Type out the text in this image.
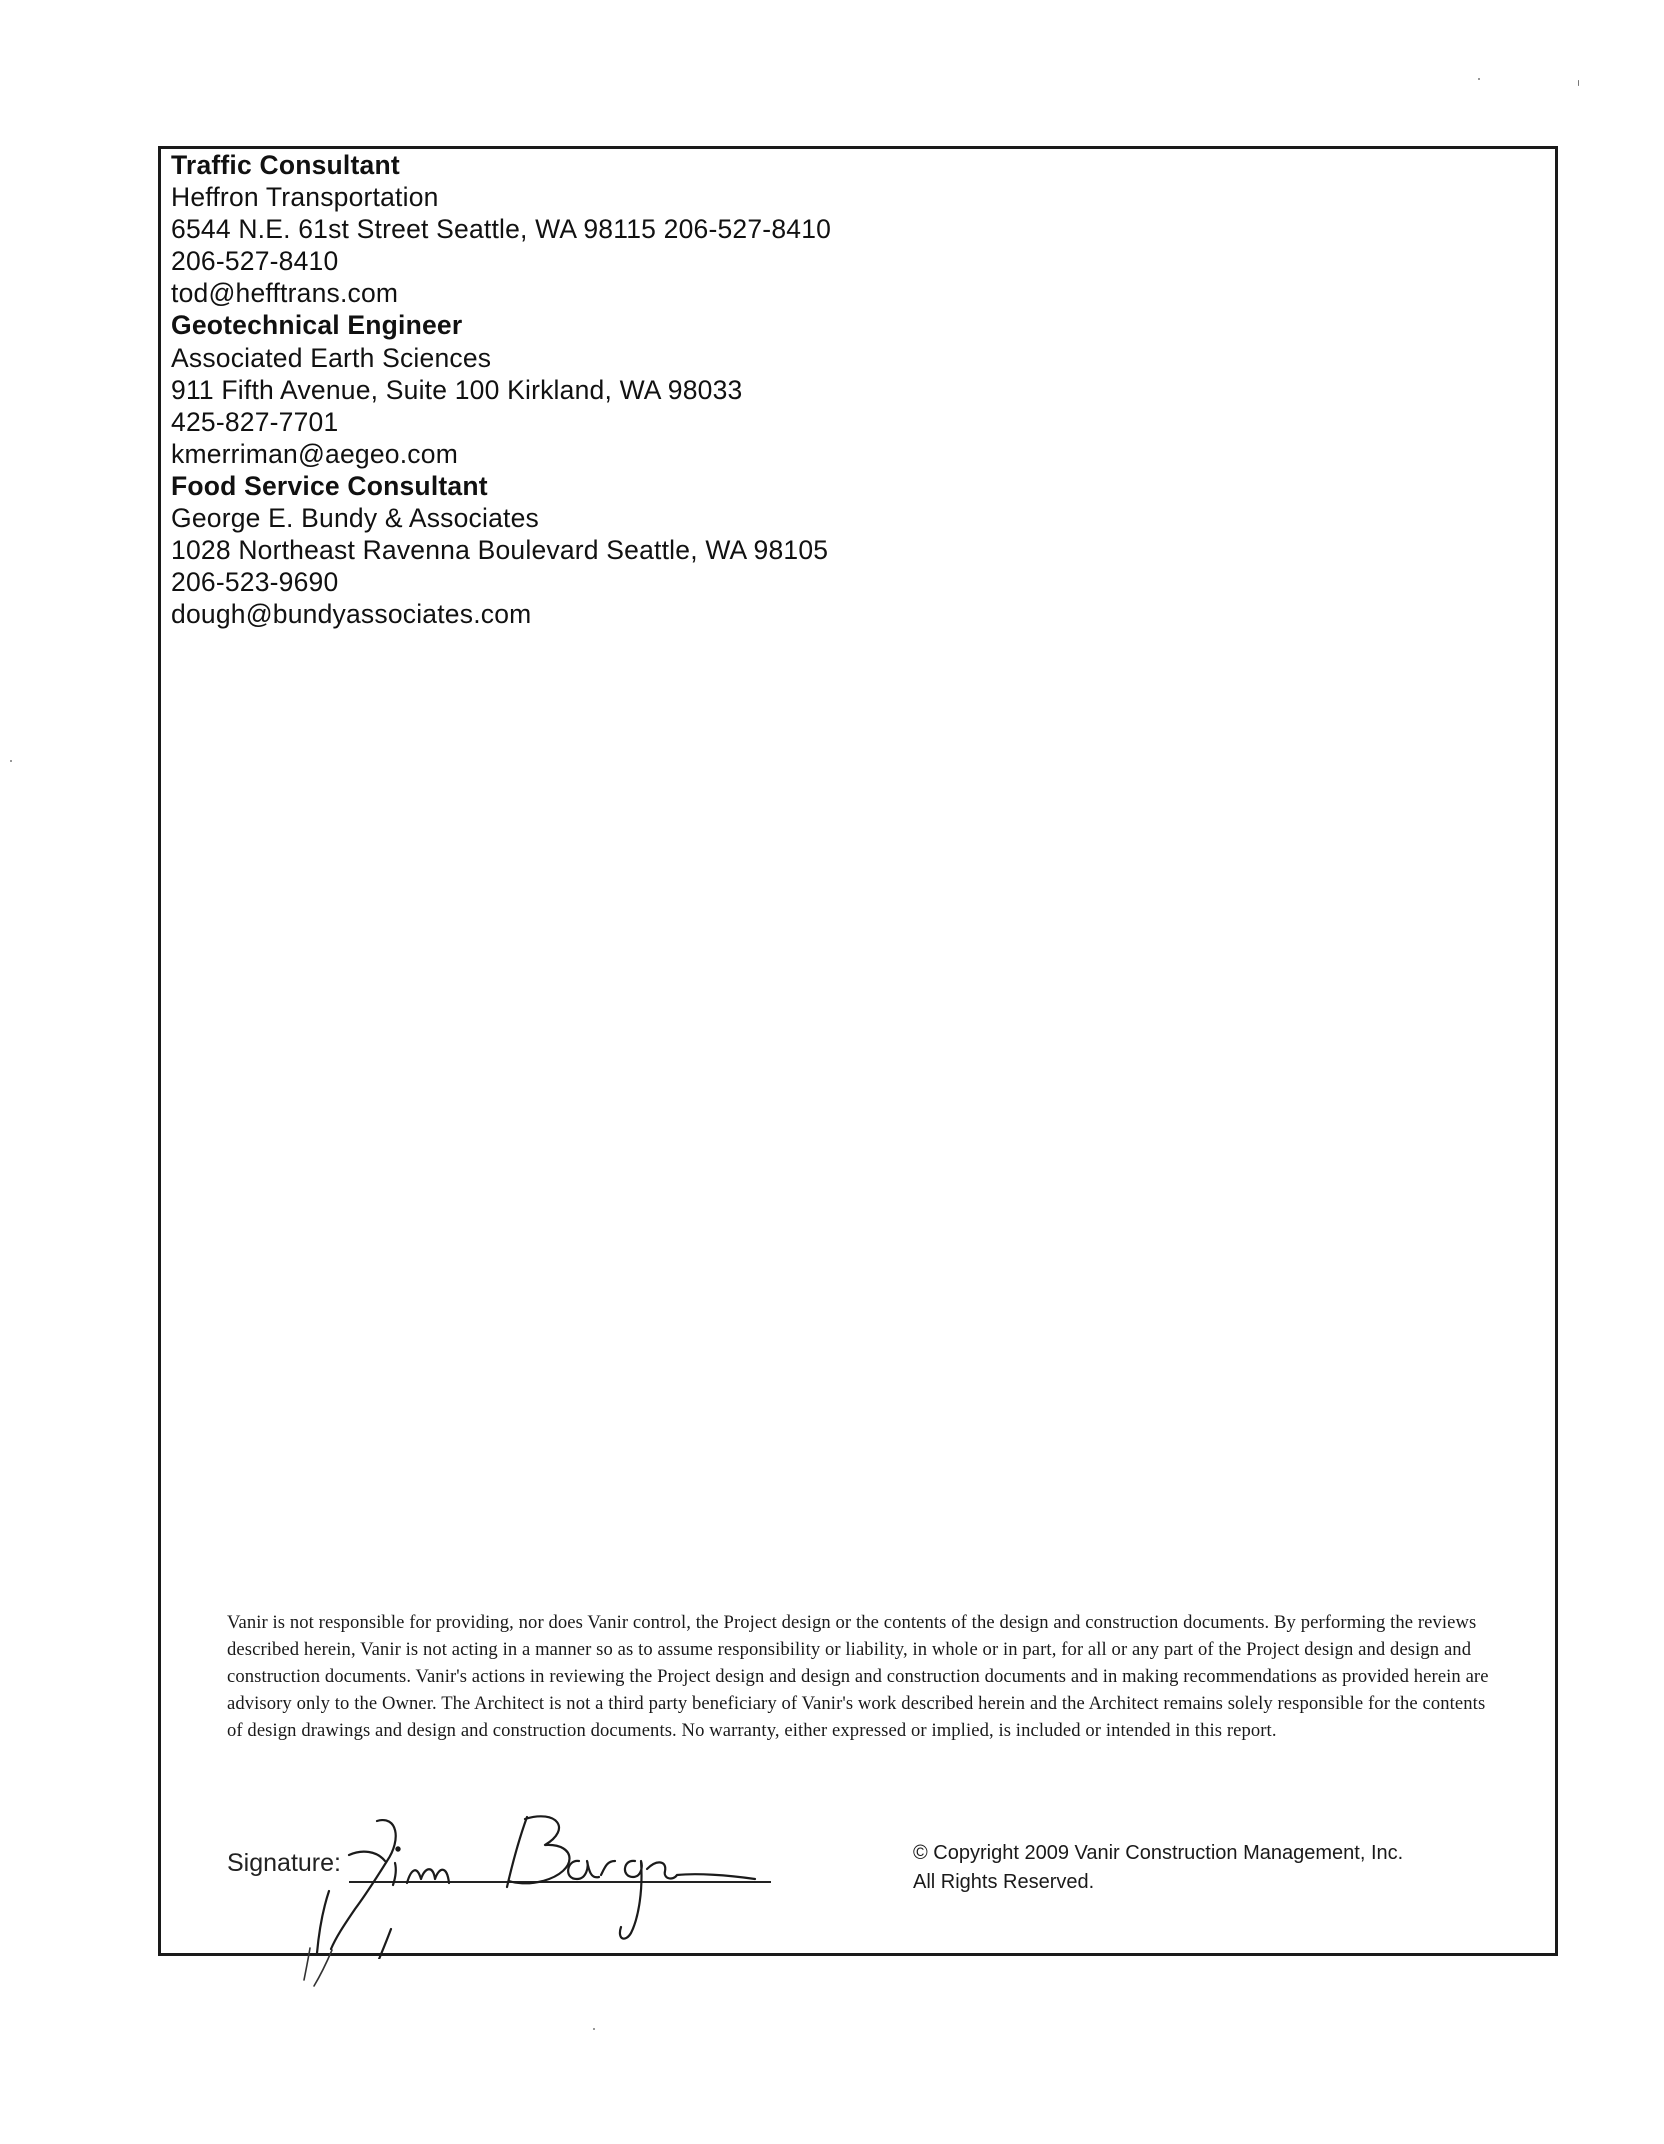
Traffic Consultant
Heffron Transportation
6544 N.E. 61st Street Seattle, WA 98115 206-527-8410
206-527-8410
tod@hefftrans.com
Geotechnical Engineer
Associated Earth Sciences
911 Fifth Avenue, Suite 100 Kirkland, WA 98033
425-827-7701
kmerriman@aegeo.com
Food Service Consultant
George E. Bundy & Associates
1028 Northeast Ravenna Boulevard Seattle, WA 98105
206-523-9690
dough@bundyassociates.com
Vanir is not responsible for providing, nor does Vanir control, the Project design or the contents of the design and construction documents. By performing the reviews described herein, Vanir is not acting in a manner so as to assume responsibility or liability, in whole or in part, for all or any part of the Project design and design and construction documents. Vanir's actions in reviewing the Project design and design and construction documents and in making recommendations as provided herein are advisory only to the Owner. The Architect is not a third party beneficiary of Vanir's work described herein and the Architect remains solely responsible for the contents of design drawings and design and construction documents. No warranty, either expressed or implied, is included or intended in this report.
Signature:	© Copyright 2009 Vanir Construction Management, Inc.
All Rights Reserved.
